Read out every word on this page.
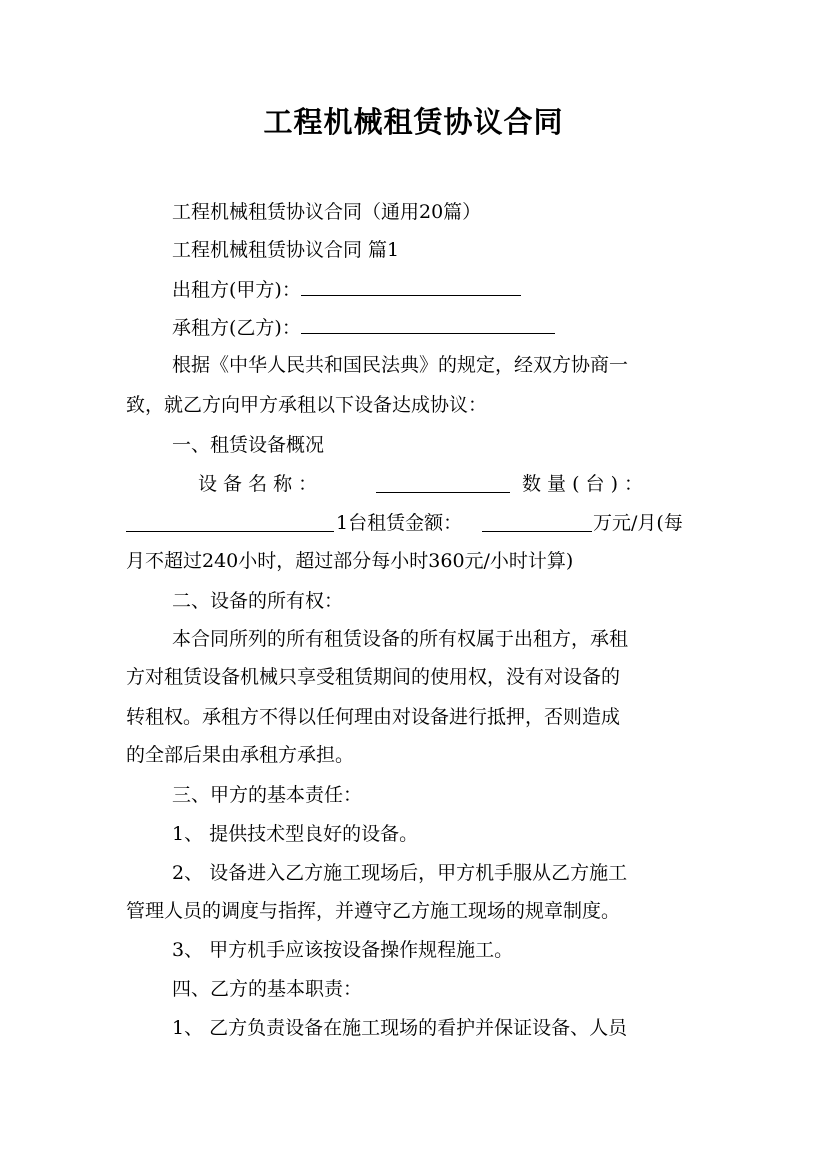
工程机械租赁协议合同
工程机械租赁协议合同（通用20篇）
工程机械租赁协议合同 篇1
出租方(甲方)：
承租方(乙方)：
根据《中华人民共和国民法典》的规定，经双方协商一
致，就乙方向甲方承租以下设备达成协议：
一、租赁设备概况
设 备 名 称 ：	数 量 ( 台 ) ：
1台租赁金额：	万元/月(每
月不超过240小时，超过部分每小时360元/小时计算)
二、设备的所有权：
本合同所列的所有租赁设备的所有权属于出租方，承租
方对租赁设备机械只享受租赁期间的使用权，没有对设备的
转租权。承租方不得以任何理由对设备进行抵押，否则造成
的全部后果由承租方承担。
三、甲方的基本责任：
1、 提供技术型良好的设备。
2、 设备进入乙方施工现场后，甲方机手服从乙方施工
管理人员的调度与指挥，并遵守乙方施工现场的规章制度。
3、 甲方机手应该按设备操作规程施工。
四、乙方的基本职责：
1、 乙方负责设备在施工现场的看护并保证设备、人员
